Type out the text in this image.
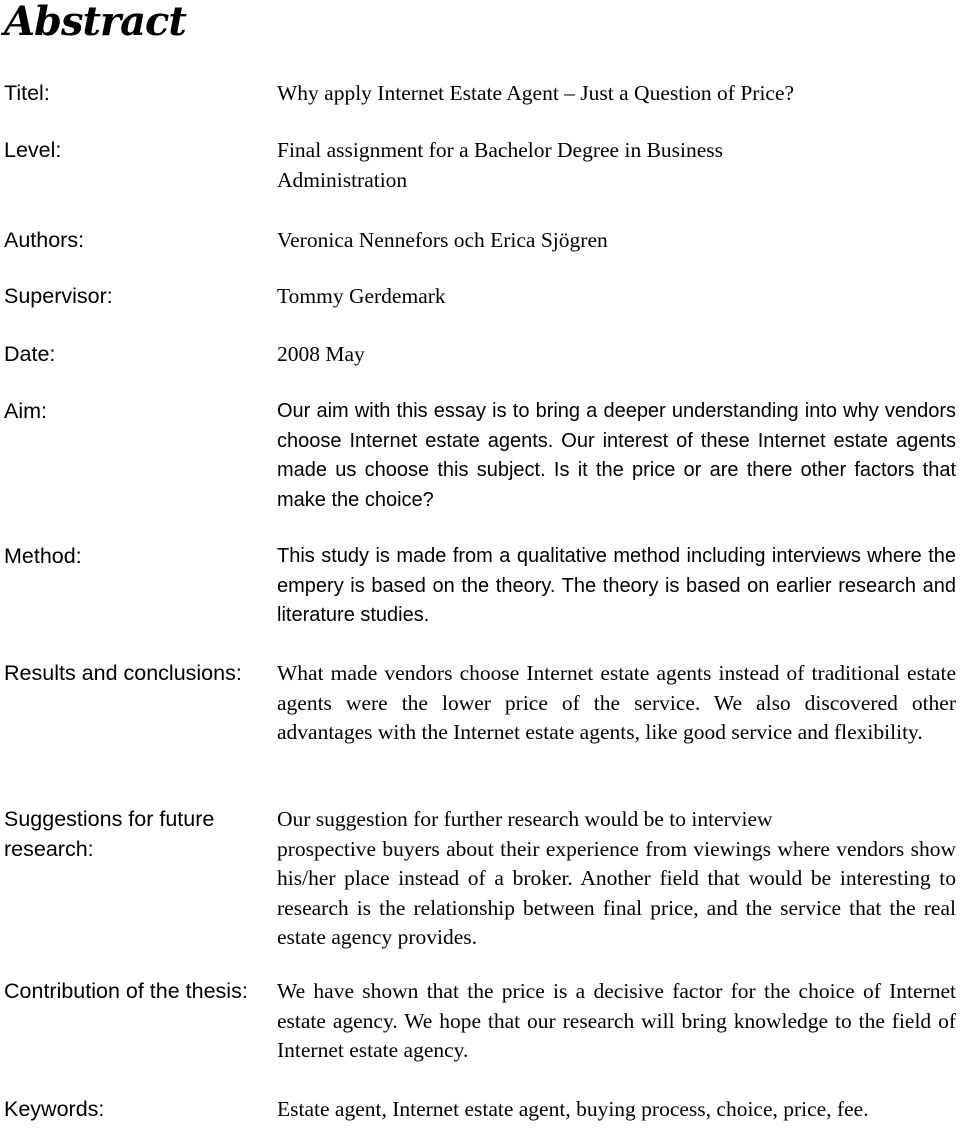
Abstract
Titel:	Why apply Internet Estate Agent – Just a Question of Price?

Level:	Final assignment for a Bachelor Degree in Business Administration

Authors:	Veronica Nennefors och Erica Sjögren

Supervisor:	Tommy Gerdemark

Date:	2008 May

Aim:	Our aim with this essay is to bring a deeper understanding into why vendors choose Internet estate agents. Our interest of these Internet estate agents made us choose this subject. Is it the price or are there other factors that make the choice?

Method:	This study is made from a qualitative method including interviews where the empery is based on the theory. The theory is based on earlier research and literature studies.

Results and conclusions: What made vendors choose Internet estate agents instead of traditional estate agents were the lower price of the service. We also discovered other advantages with the Internet estate agents, like good service and flexibility.

Suggestions for future
research:
Our suggestion for further research would be to interview
prospective buyers about their experience from viewings where vendors show his/her place instead of a broker. Another field that would be interesting to research is the relationship between final price, and the service that the real estate agency provides.
Contribution of the thesis: We have shown that the price is a decisive factor for the choice of Internet estate agency. We hope that our research will bring knowledge to the field of Internet estate agency.

Keywords:	Estate agent, Internet estate agent, buying process, choice, price, fee.
